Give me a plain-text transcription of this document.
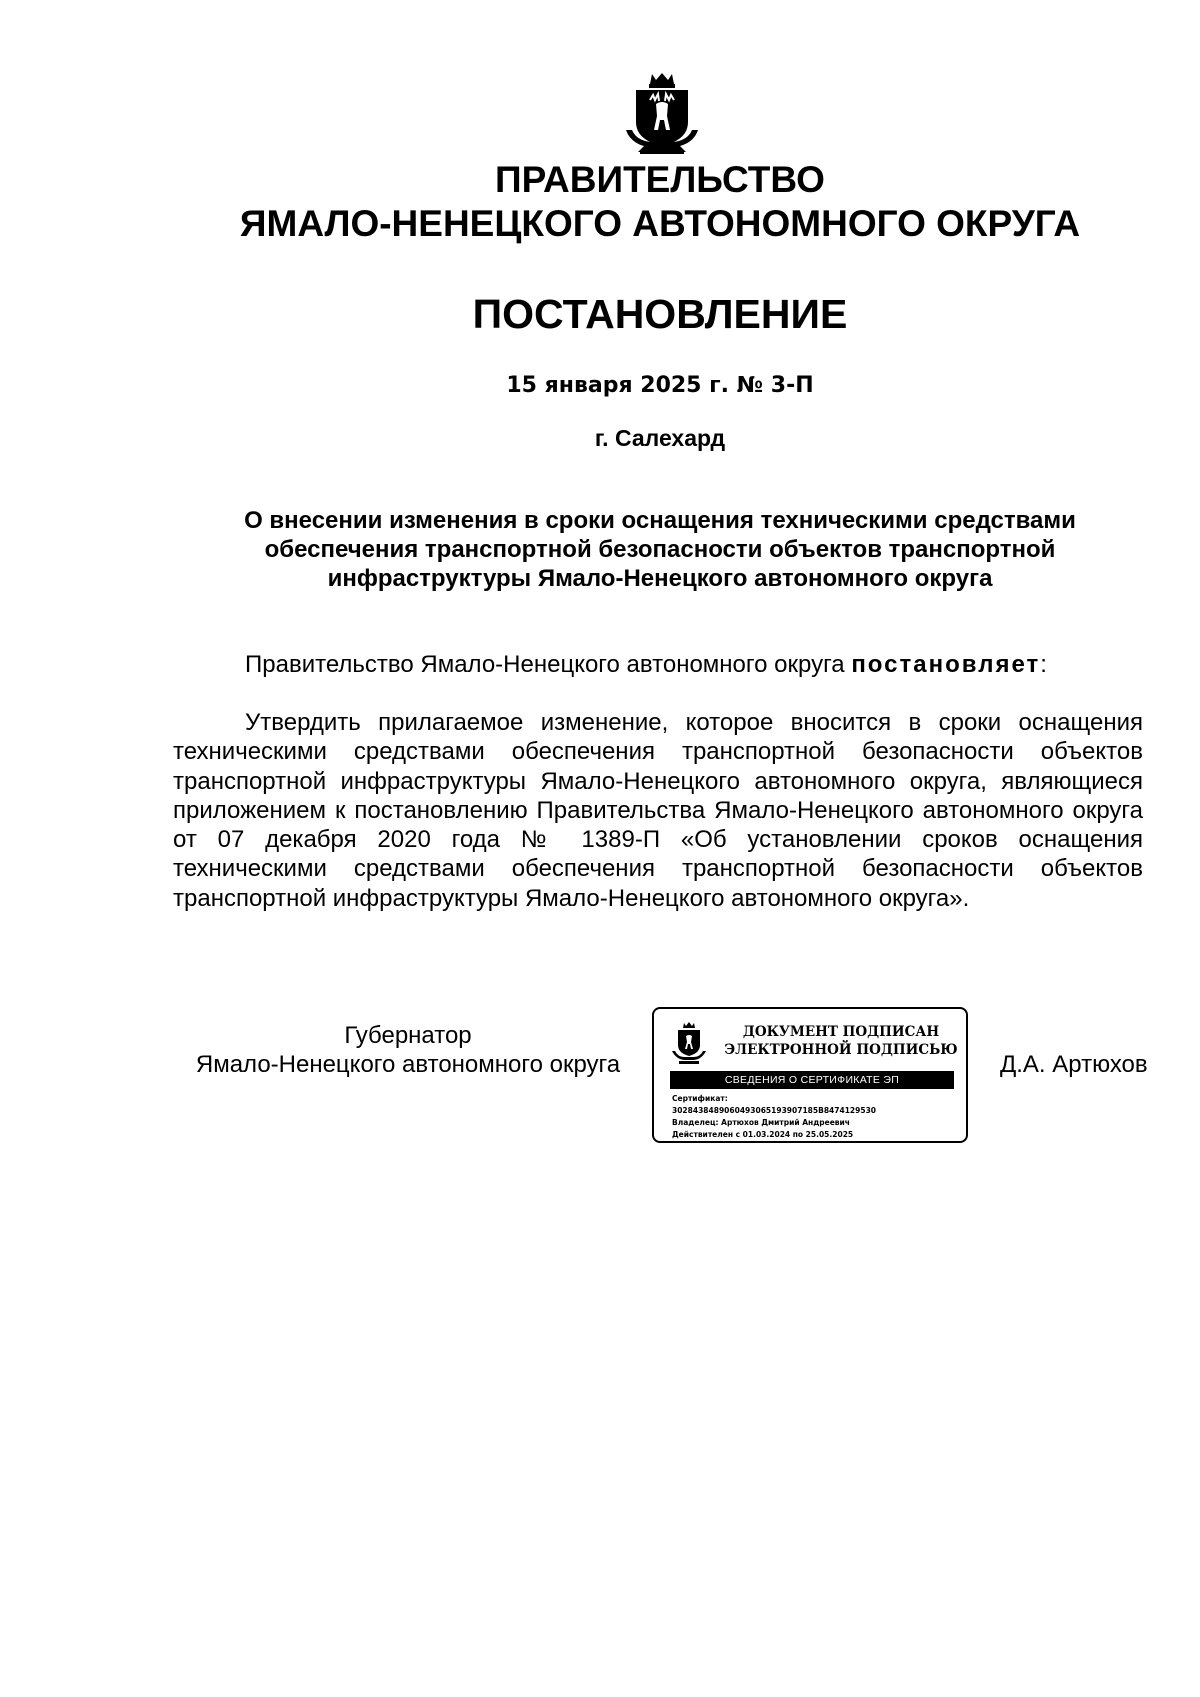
ПРАВИТЕЛЬСТВО
ЯМАЛО-НЕНЕЦКОГО АВТОНОМНОГО ОКРУГА
ПОСТАНОВЛЕНИЕ
15 января 2025 г. № 3-П
г. Салехард

О внесении изменения в сроки оснащения техническими средствами обеспечения транспортной безопасности объектов транспортной инфраструктуры Ямало-Ненецкого автономного округа

Правительство Ямало-Ненецкого автономного округа постановляет:

Утвердить прилагаемое изменение, которое вносится в сроки оснащения техническими средствами обеспечения транспортной безопасности объектов транспортной инфраструктуры Ямало-Ненецкого автономного округа, являющиеся приложением к постановлению Правительства Ямало-Ненецкого автономного округа от 07 декабря 2020 года № 1389-П «Об установлении сроков оснащения техническими средствами обеспечения транспортной безопасности объектов транспортной инфраструктуры Ямало-Ненецкого автономного округа».

Губернатор
Ямало-Ненецкого автономного округа
ДОКУМЕНТ ПОДПИСАН
ЭЛЕКТРОННОЙ ПОДПИСЬЮ
СВЕДЕНИЯ О СЕРТИФИКАТЕ ЭП
Сертификат:
3028438489060493065193907185B8474129530
Владелец: Артюхов Дмитрий Андреевич
Действителен с 01.03.2024 по 25.05.2025
Д.А. Артюхов
